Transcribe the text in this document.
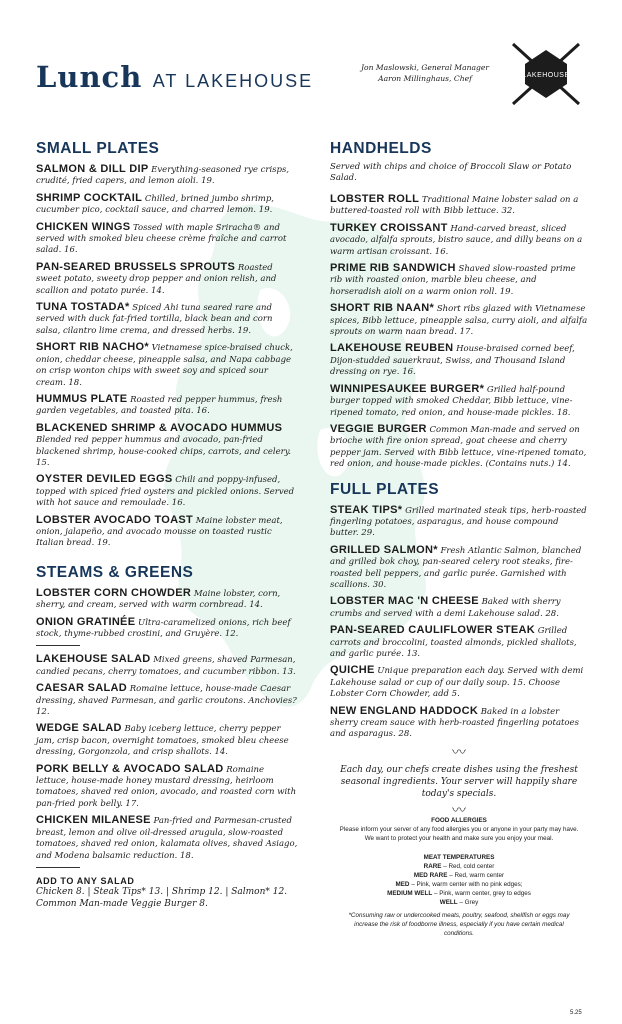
Lunch AT LAKEHOUSE
Jon Maslowski, General Manager
Aaron Millinghaus, Chef	LAKEHOUSE
SMALL PLATES
SALMON & DILL DIP Everything-seasoned rye crisps, crudité, fried capers, and lemon aioli. 19.
SHRIMP COCKTAIL Chilled, brined jumbo shrimp, cucumber pico, cocktail sauce, and charred lemon. 19.
CHICKEN WINGS Tossed with maple Sriracha® and served with smoked bleu cheese crème fraîche and carrot salad. 16.
PAN-SEARED BRUSSELS SPROUTS Roasted sweet potato, sweety drop pepper and onion relish, and scallion and potato purée. 14.
TUNA TOSTADA* Spiced Ahi tuna seared rare and served with duck fat-fried tortilla, black bean and corn salsa, cilantro lime crema, and dressed herbs. 19.
SHORT RIB NACHO* Vietnamese spice-braised chuck, onion, cheddar cheese, pineapple salsa, and Napa cabbage on crisp wonton chips with sweet soy and spiced sour cream. 18.
HUMMUS PLATE Roasted red pepper hummus, fresh garden vegetables, and toasted pita. 16.
BLACKENED SHRIMP & AVOCADO HUMMUS Blended red pepper hummus and avocado, pan-fried blackened shrimp, house-cooked chips, carrots, and celery. 15.
OYSTER DEVILED EGGS Chili and poppy-infused, topped with spiced fried oysters and pickled onions. Served with hot sauce and remoulade. 16.
LOBSTER AVOCADO TOAST Maine lobster meat, onion, jalapeño, and avocado mousse on toasted rustic Italian bread. 19.
STEAMS & GREENS
LOBSTER CORN CHOWDER Maine lobster, corn, sherry, and cream, served with warm cornbread. 14.
ONION GRATINÉE Ultra-caramelized onions, rich beef stock, thyme-rubbed crostini, and Gruyère. 12.
LAKEHOUSE SALAD Mixed greens, shaved Parmesan, candied pecans, cherry tomatoes, and cucumber ribbon. 13.
CAESAR SALAD Romaine lettuce, house-made Caesar dressing, shaved Parmesan, and garlic croutons. Anchovies? 12.
WEDGE SALAD Baby iceberg lettuce, cherry pepper jam, crisp bacon, overnight tomatoes, smoked bleu cheese dressing, Gorgonzola, and crisp shallots. 14.
PORK BELLY & AVOCADO SALAD Romaine lettuce, house-made honey mustard dressing, heirloom tomatoes, shaved red onion, avocado, and roasted corn with pan-fried pork belly. 17.
CHICKEN MILANESE Pan-fried and Parmesan-crusted breast, lemon and olive oil-dressed arugula, slow-roasted tomatoes, shaved red onion, kalamata olives, shaved Asiago, and Modena balsamic reduction. 18.
ADD TO ANY SALAD
Chicken 8. | Steak Tips* 13. | Shrimp 12. | Salmon* 12.
Common Man-made Veggie Burger 8.
HANDHELDS
Served with chips and choice of Broccoli Slaw or Potato Salad.
LOBSTER ROLL Traditional Maine lobster salad on a buttered-toasted roll with Bibb lettuce. 32.
TURKEY CROISSANT Hand-carved breast, sliced avocado, alfalfa sprouts, bistro sauce, and dilly beans on a warm artisan croissant. 16.
PRIME RIB SANDWICH Shaved slow-roasted prime rib with roasted onion, marble bleu cheese, and horseradish aioli on a warm onion roll. 19.
SHORT RIB NAAN* Short ribs glazed with Vietnamese spices, Bibb lettuce, pineapple salsa, curry aioli, and alfalfa sprouts on warm naan bread. 17.
LAKEHOUSE REUBEN House-braised corned beef, Dijon-studded sauerkraut, Swiss, and Thousand Island dressing on rye. 16.
WINNIPESAUKEE BURGER* Grilled half-pound burger topped with smoked Cheddar, Bibb lettuce, vine-ripened tomato, red onion, and house-made pickles. 18.
VEGGIE BURGER Common Man-made and served on brioche with fire onion spread, goat cheese and cherry pepper jam. Served with Bibb lettuce, vine-ripened tomato, red onion, and house-made pickles. (Contains nuts.) 14.
FULL PLATES
STEAK TIPS* Grilled marinated steak tips, herb-roasted fingerling potatoes, asparagus, and house compound butter. 29.
GRILLED SALMON* Fresh Atlantic Salmon, blanched and grilled bok choy, pan-seared celery root steaks, fire-roasted bell peppers, and garlic purée. Garnished with scallions. 30.
LOBSTER MAC 'N CHEESE Baked with sherry crumbs and served with a demi Lakehouse salad. 28.
PAN-SEARED CAULIFLOWER STEAK Grilled carrots and broccolini, toasted almonds, pickled shallots, and garlic purée. 13.
QUICHE Unique preparation each day. Served with demi Lakehouse salad or cup of our daily soup. 15. Choose Lobster Corn Chowder, add 5.
NEW ENGLAND HADDOCK Baked in a lobster sherry cream sauce with herb-roasted fingerling potatoes and asparagus. 28.
〰
Each day, our chefs create dishes using the freshest seasonal ingredients. Your server will happily share today's specials.
〰
FOOD ALLERGIES
Please inform your server of any food allergies you or anyone in your party may have.
We want to protect your health and make sure you enjoy your meal.
MEAT TEMPERATURES
RARE – Red, cold center
MED RARE – Red, warm center
MED – Pink, warm center with no pink edges;
MEDIUM WELL – Pink, warm center, grey to edges
WELL – Grey
*Consuming raw or undercooked meats, poultry, seafood, shellfish or eggs may increase the risk of foodborne illness, especially if you have certain medical conditions.
5.25
